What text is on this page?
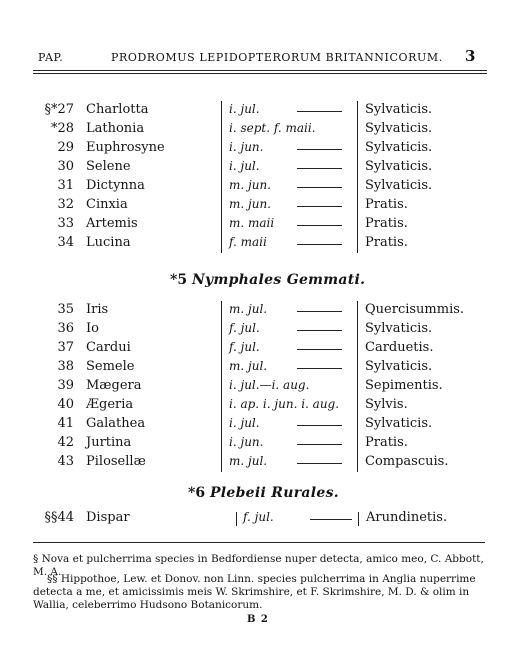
PAP.	PRODROMUS LEPIDOPTERORUM BRITANNICORUM. 3
§*27 Charlotta	i. jul.	Sylvaticis.
*28 Lathonia	i. sept. f. maii.	Sylvaticis.
29 Euphrosyne	i. jun.	Sylvaticis.
30 Selene	i. jul.	Sylvaticis.
31 Dictynna	m. jun.	Sylvaticis.
32 Cinxia	m. jun.	Pratis.
33 Artemis	m. maii	Pratis.
34 Lucina	f. maii	Pratis.
*5 Nymphales Gemmati.
35 Iris	m. jul.	Quercisummis.
36 Io	f. jul.	Sylvaticis.
37 Cardui	f. jul.	Carduetis.
38 Semele	m. jul.	Sylvaticis.
39 Mægera	i. jul.—i. aug.	Sepimentis.
40 Ægeria	i. ap. i. jun. i. aug. Sylvis.
41 Galathea	i. jul.	Sylvaticis.
42 Jurtina	i. jun.	Pratis.
43 Pilosellæ	m. jul.	Compascuis.
*6 Plebeii Rurales.
§§44 Dispar	f. jul.	Arundinetis.
§ Nova et pulcherrima species in Bedfordiense nuper detecta, amico meo, C. Abbott, M. A.
§§ Hippothoe, Lew. et Donov. non Linn. species pulcherrima in Anglia nuperrime detecta a me, et amicissimis meis W. Skrimshire, et F. Skrimshire, M. D. & olim in Wallia, celeberrimo Hudsono Botanicorum.
B 2
